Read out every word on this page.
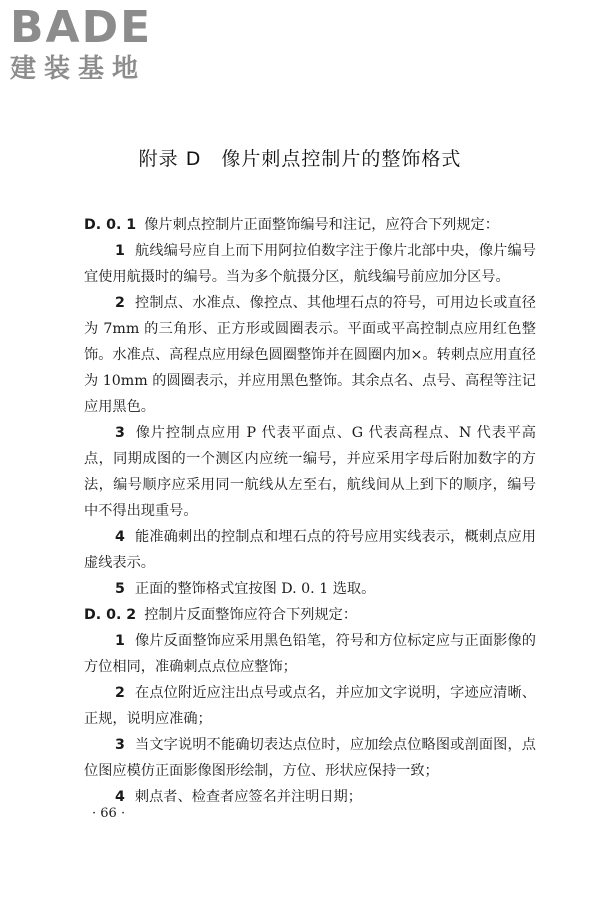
BADE
建装基地
附录 D　像片刺点控制片的整饰格式

D. 0. 1 像片刺点控制片正面整饰编号和注记，应符合下列规定：

1 航线编号应自上而下用阿拉伯数字注于像片北部中央，像片编号宜使用航摄时的编号。当为多个航摄分区，航线编号前应加分区号。

2 控制点、水准点、像控点、其他埋石点的符号，可用边长或直径为 7mm 的三角形、正方形或圆圈表示。平面或平高控制点应用红色整饰。水准点、高程点应用绿色圆圈整饰并在圆圈内加×。转刺点应用直径为 10mm 的圆圈表示，并应用黑色整饰。其余点名、点号、高程等注记应用黑色。

3 像片控制点应用 P 代表平面点、G 代表高程点、N 代表平高点，同期成图的一个测区内应统一编号，并应采用字母后附加数字的方法，编号顺序应采用同一航线从左至右，航线间从上到下的顺序，编号中不得出现重号。

4 能准确刺出的控制点和埋石点的符号应用实线表示，概刺点应用虚线表示。

5 正面的整饰格式宜按图 D. 0. 1 选取。

D. 0. 2 控制片反面整饰应符合下列规定：

1 像片反面整饰应采用黑色铅笔，符号和方位标定应与正面影像的方位相同，准确刺点点位应整饰；

2 在点位附近应注出点号或点名，并应加文字说明，字迹应清晰、正规，说明应准确；

3 当文字说明不能确切表达点位时，应加绘点位略图或剖面图，点位图应模仿正面影像图形绘制，方位、形状应保持一致；

4 刺点者、检查者应签名并注明日期；

· 66 ·
